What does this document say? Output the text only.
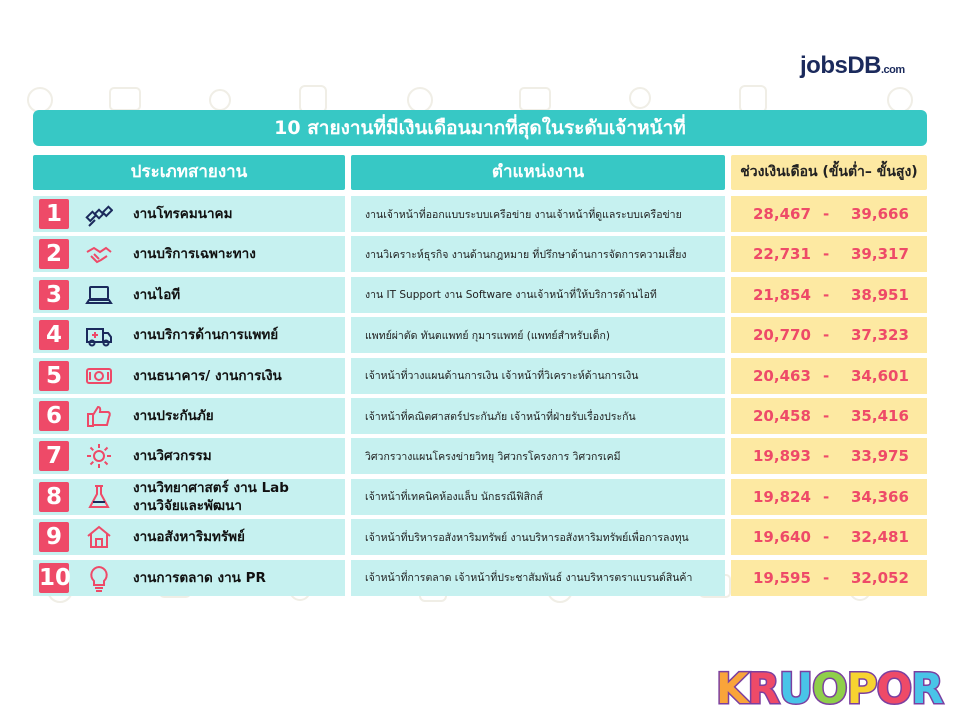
jobsDB.com
10 สายงานที่มีเงินเดือนมากที่สุดในระดับเจ้าหน้าที่
ประเภทสายงาน	ตำแหน่งงาน	ช่วงเงินเดือน (ขั้นต่ำ– ขั้นสูง)
1	งานโทรคมนาคม	งานเจ้าหน้าที่ออกแบบระบบเครือข่าย งานเจ้าหน้าที่ดูแลระบบเครือข่าย	28,467 - 39,666
2	งานบริการเฉพาะทาง	งานวิเคราะห์ธุรกิจ งานด้านกฎหมาย ที่ปรึกษาด้านการจัดการความเสี่ยง	22,731 - 39,317
3	งานไอที	งาน IT Support งาน Software งานเจ้าหน้าที่ให้บริการด้านไอที	21,854 - 38,951
4	งานบริการด้านการแพทย์	แพทย์ผ่าตัด ทันตแพทย์ กุมารแพทย์ (แพทย์สำหรับเด็ก)	20,770 - 37,323
5	งานธนาคาร/ งานการเงิน	เจ้าหน้าที่วางแผนด้านการเงิน เจ้าหน้าที่วิเคราะห์ด้านการเงิน	20,463 - 34,601
6	งานประกันภัย	เจ้าหน้าที่คณิตศาสตร์ประกันภัย เจ้าหน้าที่ฝ่ายรับเรื่องประกัน	20,458 - 35,416
7	งานวิศวกรรม	วิศวกรวางแผนโครงข่ายวิทยุ วิศวกรโครงการ วิศวกรเคมี	19,893 - 33,975
8	งานวิทยาศาสตร์ งาน Lab
งานวิจัยและพัฒนา
เจ้าหน้าที่เทคนิคห้องแล็บ นักธรณีฟิสิกส์	19,824 - 34,366
9	งานอสังหาริมทรัพย์	เจ้าหน้าที่บริหารอสังหาริมทรัพย์ งานบริหารอสังหาริมทรัพย์เพื่อการลงทุน	19,640 - 32,481
10	งานการตลาด งาน PR	เจ้าหน้าที่การตลาด เจ้าหน้าที่ประชาสัมพันธ์ งานบริหารตราแบรนด์สินค้า	19,595 - 32,052
KRUOPOR
